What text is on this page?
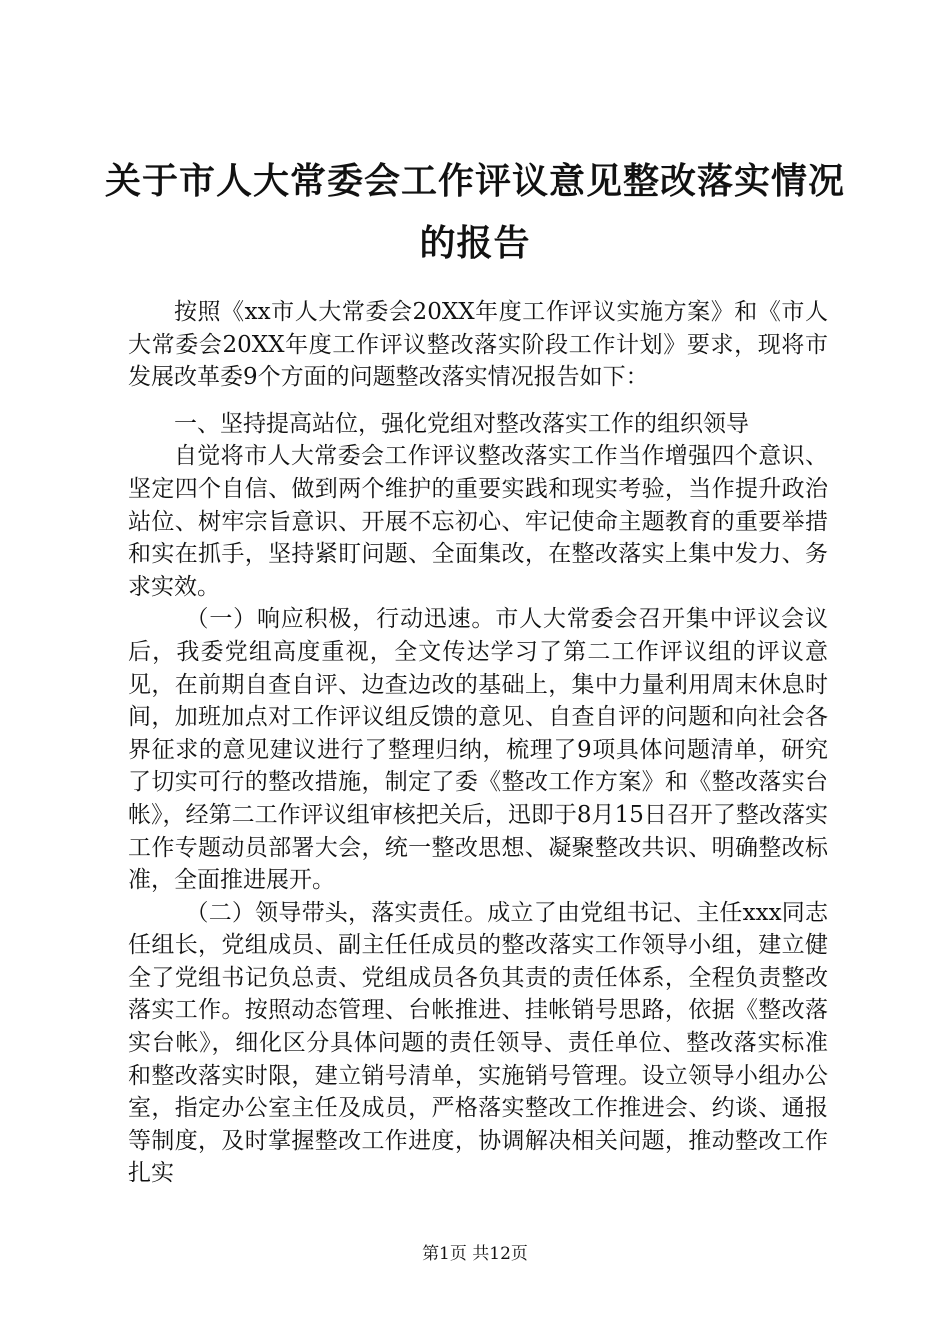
关于市人大常委会工作评议意见整改落实情况
的报告

按照《xx市人大常委会20XX年度工作评议实施方案》和《市人大常委会20XX年度工作评议整改落实阶段工作计划》要求，现将市发展改革委9个方面的问题整改落实情况报告如下：

一、坚持提高站位，强化党组对整改落实工作的组织领导

自觉将市人大常委会工作评议整改落实工作当作增强四个意识、坚定四个自信、做到两个维护的重要实践和现实考验，当作提升政治站位、树牢宗旨意识、开展不忘初心、牢记使命主题教育的重要举措和实在抓手，坚持紧盯问题、全面集改，在整改落实上集中发力、务求实效。

（一）响应积极，行动迅速。市人大常委会召开集中评议会议后，我委党组高度重视，全文传达学习了第二工作评议组的评议意见，在前期自查自评、边查边改的基础上，集中力量利用周末休息时间，加班加点对工作评议组反馈的意见、自查自评的问题和向社会各界征求的意见建议进行了整理归纳，梳理了9项具体问题清单，研究了切实可行的整改措施，制定了委《整改工作方案》和《整改落实台帐》，经第二工作评议组审核把关后，迅即于8月15日召开了整改落实工作专题动员部署大会，统一整改思想、凝聚整改共识、明确整改标准，全面推进展开。

（二）领导带头，落实责任。成立了由党组书记、主任xxx同志任组长，党组成员、副主任任成员的整改落实工作领导小组，建立健全了党组书记负总责、党组成员各负其责的责任体系，全程负责整改落实工作。按照动态管理、台帐推进、挂帐销号思路，依据《整改落实台帐》，细化区分具体问题的责任领导、责任单位、整改落实标准和整改落实时限，建立销号清单，实施销号管理。设立领导小组办公室，指定办公室主任及成员，严格落实整改工作推进会、约谈、通报等制度，及时掌握整改工作进度，协调解决相关问题，推动整改工作扎实

第1页 共12页
